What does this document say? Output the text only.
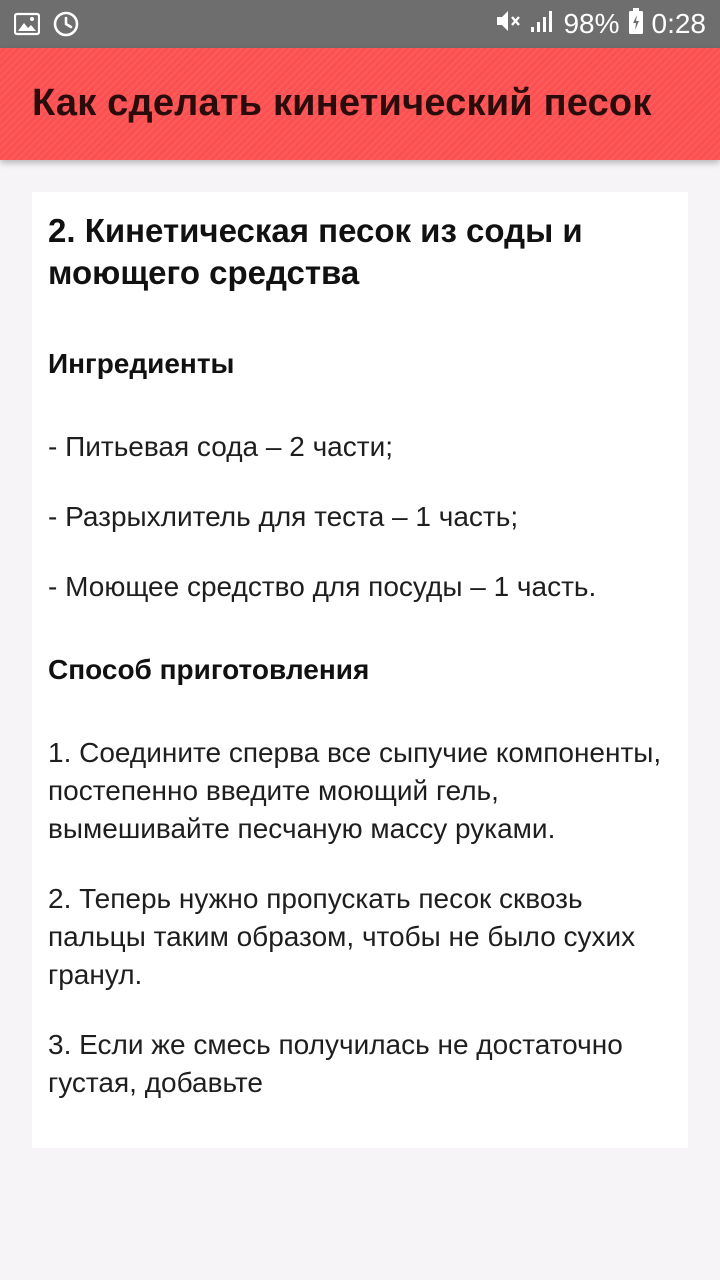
98% 0:28
Как сделать кинетический песок
2. Кинетическая песок из соды и моющего средства
Ингредиенты

- Питьевая сода – 2 части;

- Разрыхлитель для теста – 1 часть;

- Моющее средство для посуды – 1 часть.

Способ приготовления

1. Соедините сперва все сыпучие компоненты, постепенно введите моющий гель, вымешивайте песчаную массу руками.

2. Теперь нужно пропускать песок сквозь пальцы таким образом, чтобы не было сухих гранул.

3. Если же смесь получилась не достаточно густая, добавьте
